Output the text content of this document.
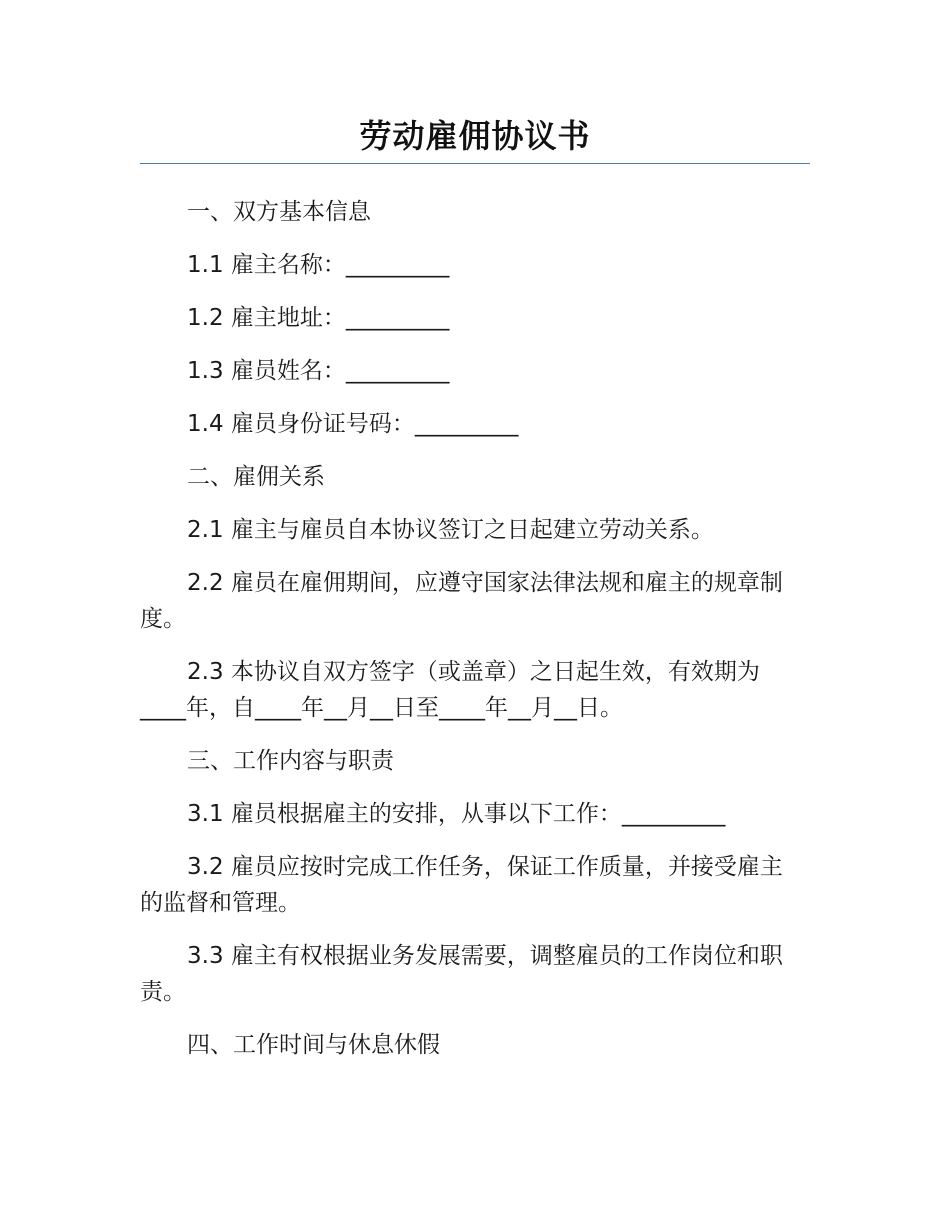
劳动雇佣协议书

一、双方基本信息

1.1 雇主名称：_________

1.2 雇主地址：_________

1.3 雇员姓名：_________

1.4 雇员身份证号码：_________

二、雇佣关系

2.1 雇主与雇员自本协议签订之日起建立劳动关系。

2.2 雇员在雇佣期间，应遵守国家法律法规和雇主的规章制度。

2.3 本协议自双方签字（或盖章）之日起生效，有效期为____年，自____年__月__日至____年__月__日。

三、工作内容与职责

3.1 雇员根据雇主的安排，从事以下工作：_________

3.2 雇员应按时完成工作任务，保证工作质量，并接受雇主的监督和管理。

3.3 雇主有权根据业务发展需要，调整雇员的工作岗位和职责。

四、工作时间与休息休假
